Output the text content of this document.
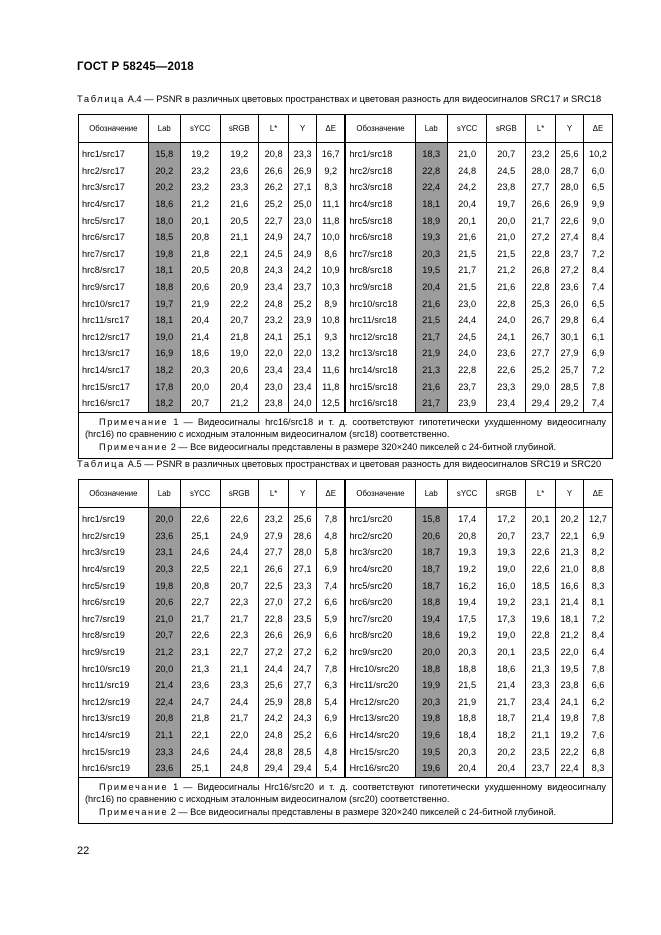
ГОСТ Р 58245—2018
Таблица А.4 — PSNR в различных цветовых пространствах и цветовая разность для видеосигналов SRC17 и SRC18
Обозначение	Lab	sYCC	sRGB	L*	Y	ΔE	Обозначение	Lab	sYCC	sRGB	L*	Y	ΔE
hrc1/src17	15,8	19,2	19,2	20,8	23,3	16,7	hrc1/src18	18,3	21,0	20,7	23,2	25,6	10,2
hrc2/src17	20,2	23,2	23,6	26,6	26,9	9,2	hrc2/src18	22,8	24,8	24,5	28,0	28,7	6,0
hrc3/src17	20,2	23,2	23,3	26,2	27,1	8,3	hrc3/src18	22,4	24,2	23,8	27,7	28,0	6,5
hrc4/src17	18,6	21,2	21,6	25,2	25,0	11,1	hrc4/src18	18,1	20,4	19,7	26,6	26,9	9,9
hrc5/src17	18,0	20,1	20,5	22,7	23,0	11,8	hrc5/src18	18,9	20,1	20,0	21,7	22,6	9,0
hrc6/src17	18,5	20,8	21,1	24,9	24,7	10,0	hrc6/src18	19,3	21,6	21,0	27,2	27,4	8,4
hrc7/src17	19,8	21,8	22,1	24,5	24,9	8,6	hrc7/src18	20,3	21,5	21,5	22,8	23,7	7,2
hrc8/src17	18,1	20,5	20,8	24,3	24,2	10,9	hrc8/src18	19,5	21,7	21,2	26,8	27,2	8,4
hrc9/src17	18,8	20,6	20,9	23,4	23,7	10,3	hrc9/src18	20,4	21,5	21,6	22,8	23,6	7,4
hrc10/src17	19,7	21,9	22,2	24,8	25,2	8,9	hrc10/src18	21,6	23,0	22,8	25,3	26,0	6,5
hrc11/src17	18,1	20,4	20,7	23,2	23,9	10,8	hrc11/src18	21,5	24,4	24,0	26,7	29,8	6,4
hrc12/src17	19,0	21,4	21,8	24,1	25,1	9,3	hrc12/src18	21,7	24,5	24,1	26,7	30,1	6,1
hrc13/src17	16,9	18,6	19,0	22,0	22,0	13,2	hrc13/src18	21,9	24,0	23,6	27,7	27,9	6,9
hrc14/src17	18,2	20,3	20,6	23,4	23,4	11,6	hrc14/src18	21,3	22,8	22,6	25,2	25,7	7,2
hrc15/src17	17,8	20,0	20,4	23,0	23,4	11,8	hrc15/src18	21,6	23,7	23,3	29,0	28,5	7,8
hrc16/src17	18,2	20,7	21,2	23,8	24,0	12,5	hrc16/src18	21,7	23,9	23,4	29,4	29,2	7,4

Примечание 1 — Видеосигналы hrc16/src18 и т. д. соответствуют гипотетически ухудшенному видеосигналу (hrc16) по сравнению с исходным эталонным видеосигналом (src18) соответственно.

Примечание 2 — Все видеосигналы представлены в размере 320×240 пикселей с 24-битной глубиной.

Таблица А.5 — PSNR в различных цветовых пространствах и цветовая разность для видеосигналов SRC19 и SRC20
Обозначение	Lab	sYCC	sRGB	L*	Y	ΔE	Обозначение	Lab	sYCC	sRGB	L*	Y	ΔE
hrc1/src19	20,0	22,6	22,6	23,2	25,6	7,8	hrc1/src20	15,8	17,4	17,2	20,1	20,2	12,7
hrc2/src19	23,6	25,1	24,9	27,9	28,6	4,8	hrc2/src20	20,6	20,8	20,7	23,7	22,1	6,9
hrc3/src19	23,1	24,6	24,4	27,7	28,0	5,8	hrc3/src20	18,7	19,3	19,3	22,6	21,3	8,2
hrc4/src19	20,3	22,5	22,1	26,6	27,1	6,9	hrc4/src20	18,7	19,2	19,0	22,6	21,0	8,8
hrc5/src19	19,8	20,8	20,7	22,5	23,3	7,4	hrc5/src20	18,7	16,2	16,0	18,5	16,6	8,3
hrc6/src19	20,6	22,7	22,3	27,0	27,2	6,6	hrc6/src20	18,8	19,4	19,2	23,1	21,4	8,1
hrc7/src19	21,0	21,7	21,7	22,8	23,5	5,9	hrc7/src20	19,4	17,5	17,3	19,6	18,1	7,2
hrc8/src19	20,7	22,6	22,3	26,6	26,9	6,6	hrc8/src20	18,6	19,2	19,0	22,8	21,2	8,4
hrc9/src19	21,2	23,1	22,7	27,2	27,2	6,2	hrc9/src20	20,0	20,3	20,1	23,5	22,0	6,4
hrc10/src19	20,0	21,3	21,1	24,4	24,7	7,8	Hrc10/src20	18,8	18,8	18,6	21,3	19,5	7,8
hrc11/src19	21,4	23,6	23,3	25,6	27,7	6,3	Hrc11/src20	19,9	21,5	21,4	23,3	23,8	6,6
hrc12/src19	22,4	24,7	24,4	25,9	28,8	5,4	Hrc12/src20	20,3	21,9	21,7	23,4	24,1	6,2
hrc13/src19	20,8	21,8	21,7	24,2	24,3	6,9	Hrc13/src20	19,8	18,8	18,7	21,4	19,8	7,8
hrc14/src19	21,1	22,1	22,0	24,8	25,2	6,6	Hrc14/src20	19,6	18,4	18,2	21,1	19,2	7,6
hrc15/src19	23,3	24,6	24,4	28,8	28,5	4,8	Hrc15/src20	19,5	20,3	20,2	23,5	22,2	6,8
hrc16/src19	23,6	25,1	24,8	29,4	29,4	5,4	Hrc16/src20	19,6	20,4	20,4	23,7	22,4	8,3

Примечание 1 — Видеосигналы Hrc16/src20 и т. д. соответствуют гипотетически ухудшенному видеосигналу (hrc16) по сравнению с исходным эталонным видеосигналом (src20) соответственно.

Примечание 2 — Все видеосигналы представлены в размере 320×240 пикселей с 24-битной глубиной.

22
